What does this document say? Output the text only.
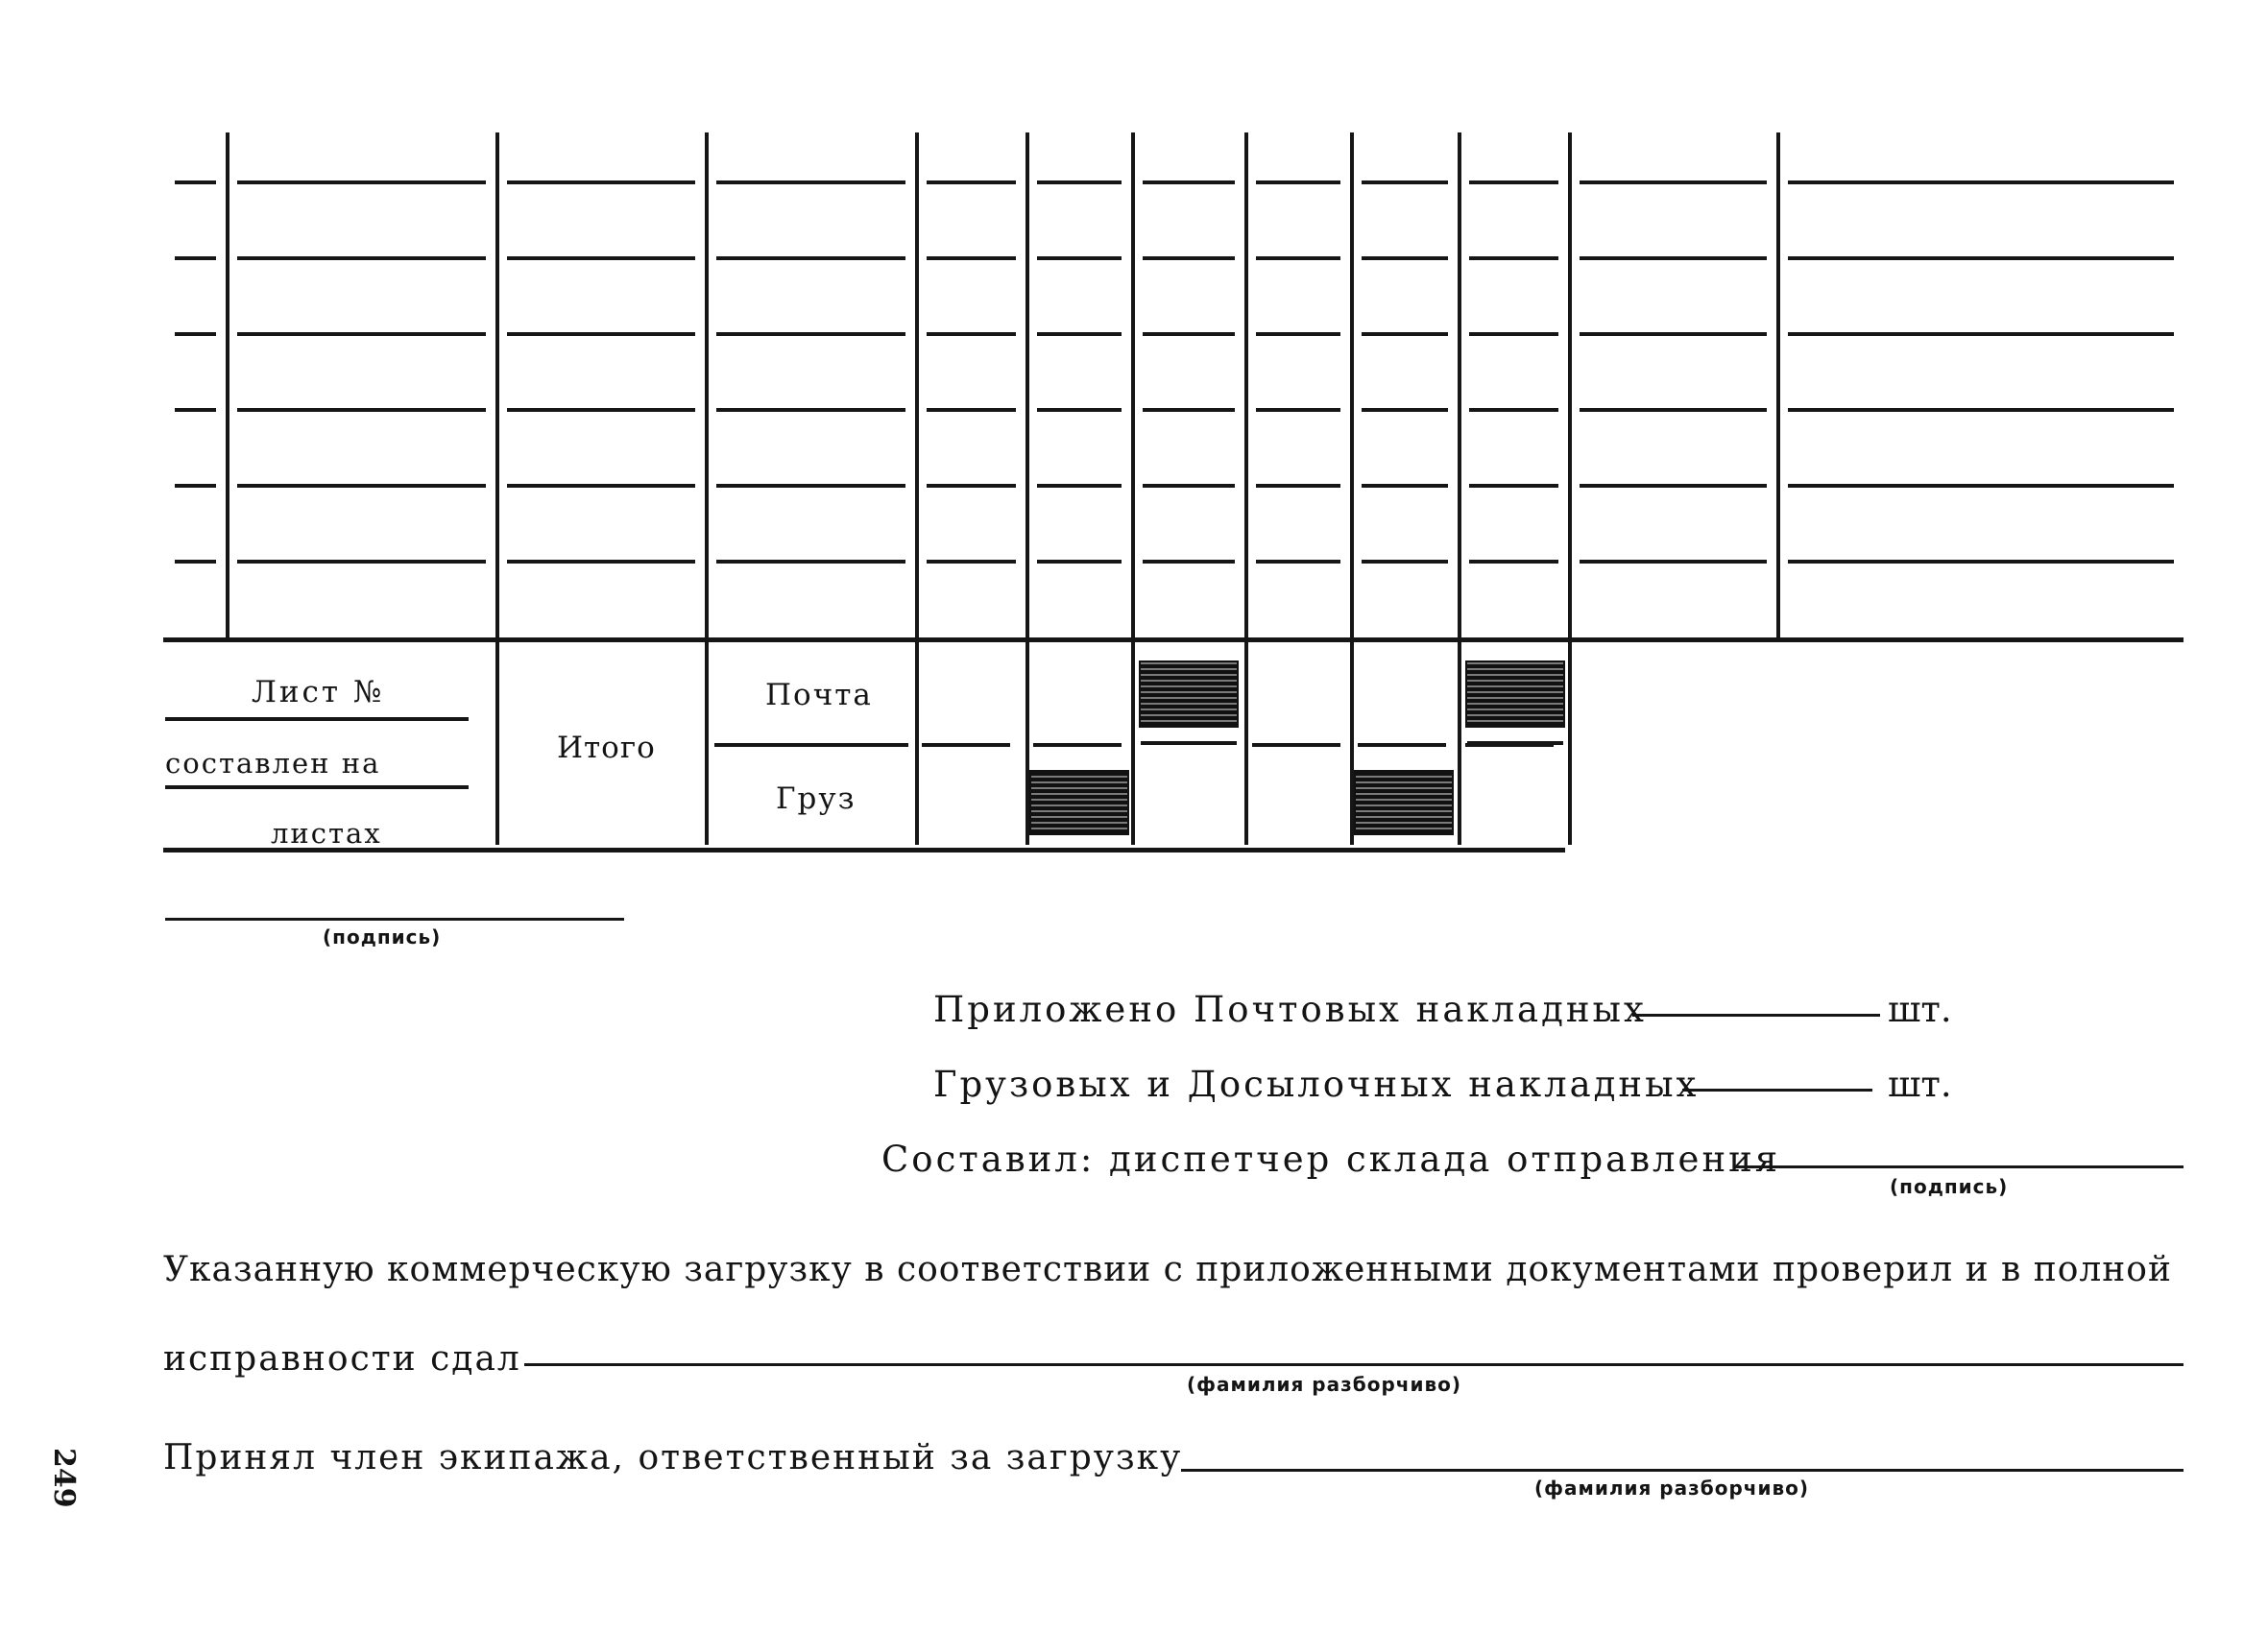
Лист №
составлен на
листах
Итого
Почта
Груз
(подпись)
Приложено Почтовых накладных	шт.
Грузовых и Досылочных накладных	шт.
Составил: диспетчер склада отправления
(подпись)
Указанную коммерческую загрузку в соответствии с приложенными документами проверил и в полной
исправности сдал
(фамилия разборчиво)
Принял член экипажа, ответственный за загрузку
(фамилия разборчиво)
249
